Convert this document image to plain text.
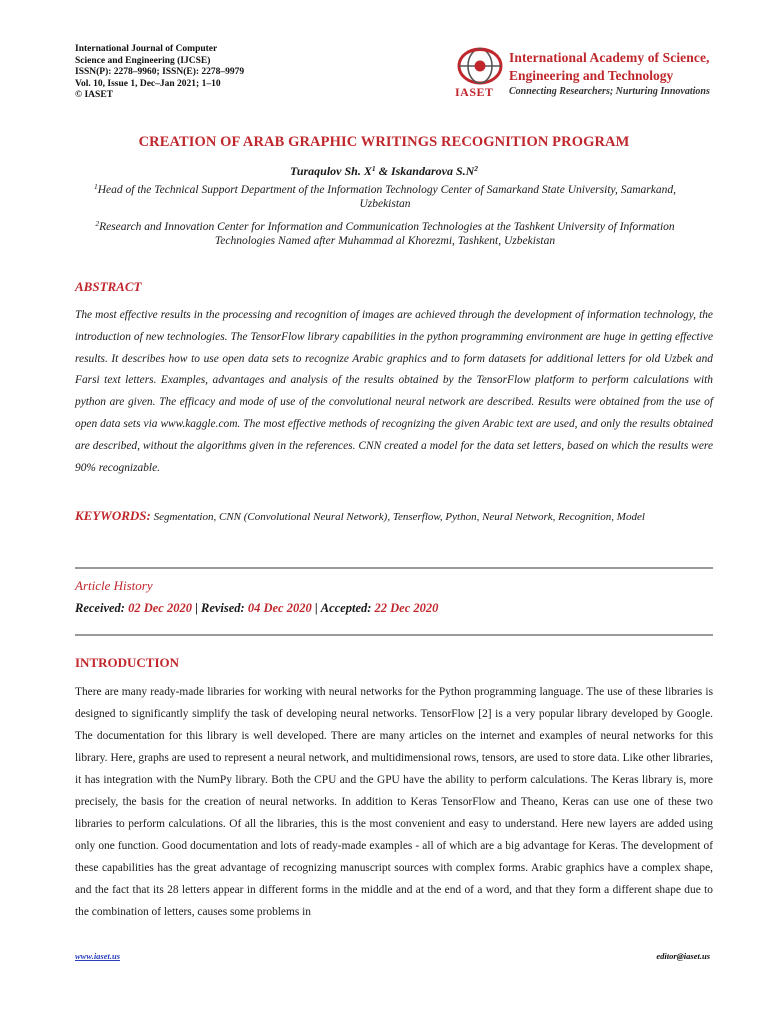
International Journal of Computer
Science and Engineering (IJCSE)
ISSN(P): 2278–9960; ISSN(E): 2278–9979
Vol. 10, Issue 1, Dec–Jan 2021; 1–10
© IASET	IASET
International Academy of Science,
Engineering and Technology
Connecting Researchers; Nurturing Innovations
CREATION OF ARAB GRAPHIC WRITINGS RECOGNITION PROGRAM
Turaqulov Sh. $X^1$ & Iskandarova $S.N^2$
$^1$Head of the Technical Support Department of the Information Technology Center of Samarkand State University, Samarkand, Uzbekistan
$^2$Research and Innovation Center for Information and Communication Technologies at the Tashkent University of Information Technologies Named after Muhammad al Khorezmi, Tashkent, Uzbekistan
ABSTRACT
The most effective results in the processing and recognition of images are achieved through the development of information technology, the introduction of new technologies. The TensorFlow library capabilities in the python programming environment are huge in getting effective results. It describes how to use open data sets to recognize Arabic graphics and to form datasets for additional letters for old Uzbek and Farsi text letters. Examples, advantages and analysis of the results obtained by the TensorFlow platform to perform calculations with python are given. The efficacy and mode of use of the convolutional neural network are described. Results were obtained from the use of open data sets via www.kaggle.com. The most effective methods of recognizing the given Arabic text are used, and only the results obtained are described, without the algorithms given in the references. CNN created a model for the data set letters, based on which the results were 90% recognizable.
KEYWORDS: Segmentation, CNN (Convolutional Neural Network), Tenserflow, Python, Neural Network, Recognition, Model
Article History
Received: 02 Dec 2020 | Revised: 04 Dec 2020 | Accepted: 22 Dec 2020
INTRODUCTION
There are many ready-made libraries for working with neural networks for the Python programming language. The use of these libraries is designed to significantly simplify the task of developing neural networks. TensorFlow [2] is a very popular library developed by Google. The documentation for this library is well developed. There are many articles on the internet and examples of neural networks for this library. Here, graphs are used to represent a neural network, and multidimensional rows, tensors, are used to store data. Like other libraries, it has integration with the NumPy library. Both the CPU and the GPU have the ability to perform calculations. The Keras library is, more precisely, the basis for the creation of neural networks. In addition to Keras TensorFlow and Theano, Keras can use one of these two libraries to perform calculations. Of all the libraries, this is the most convenient and easy to understand. Here new layers are added using only one function. Good documentation and lots of ready-made examples - all of which are a big advantage for Keras. The development of these capabilities has the great advantage of recognizing manuscript sources with complex forms. Arabic graphics have a complex shape, and the fact that its 28 letters appear in different forms in the middle and at the end of a word, and that they form a different shape due to the combination of letters, causes some problems in
www.iaset.us	editor@iaset.us
